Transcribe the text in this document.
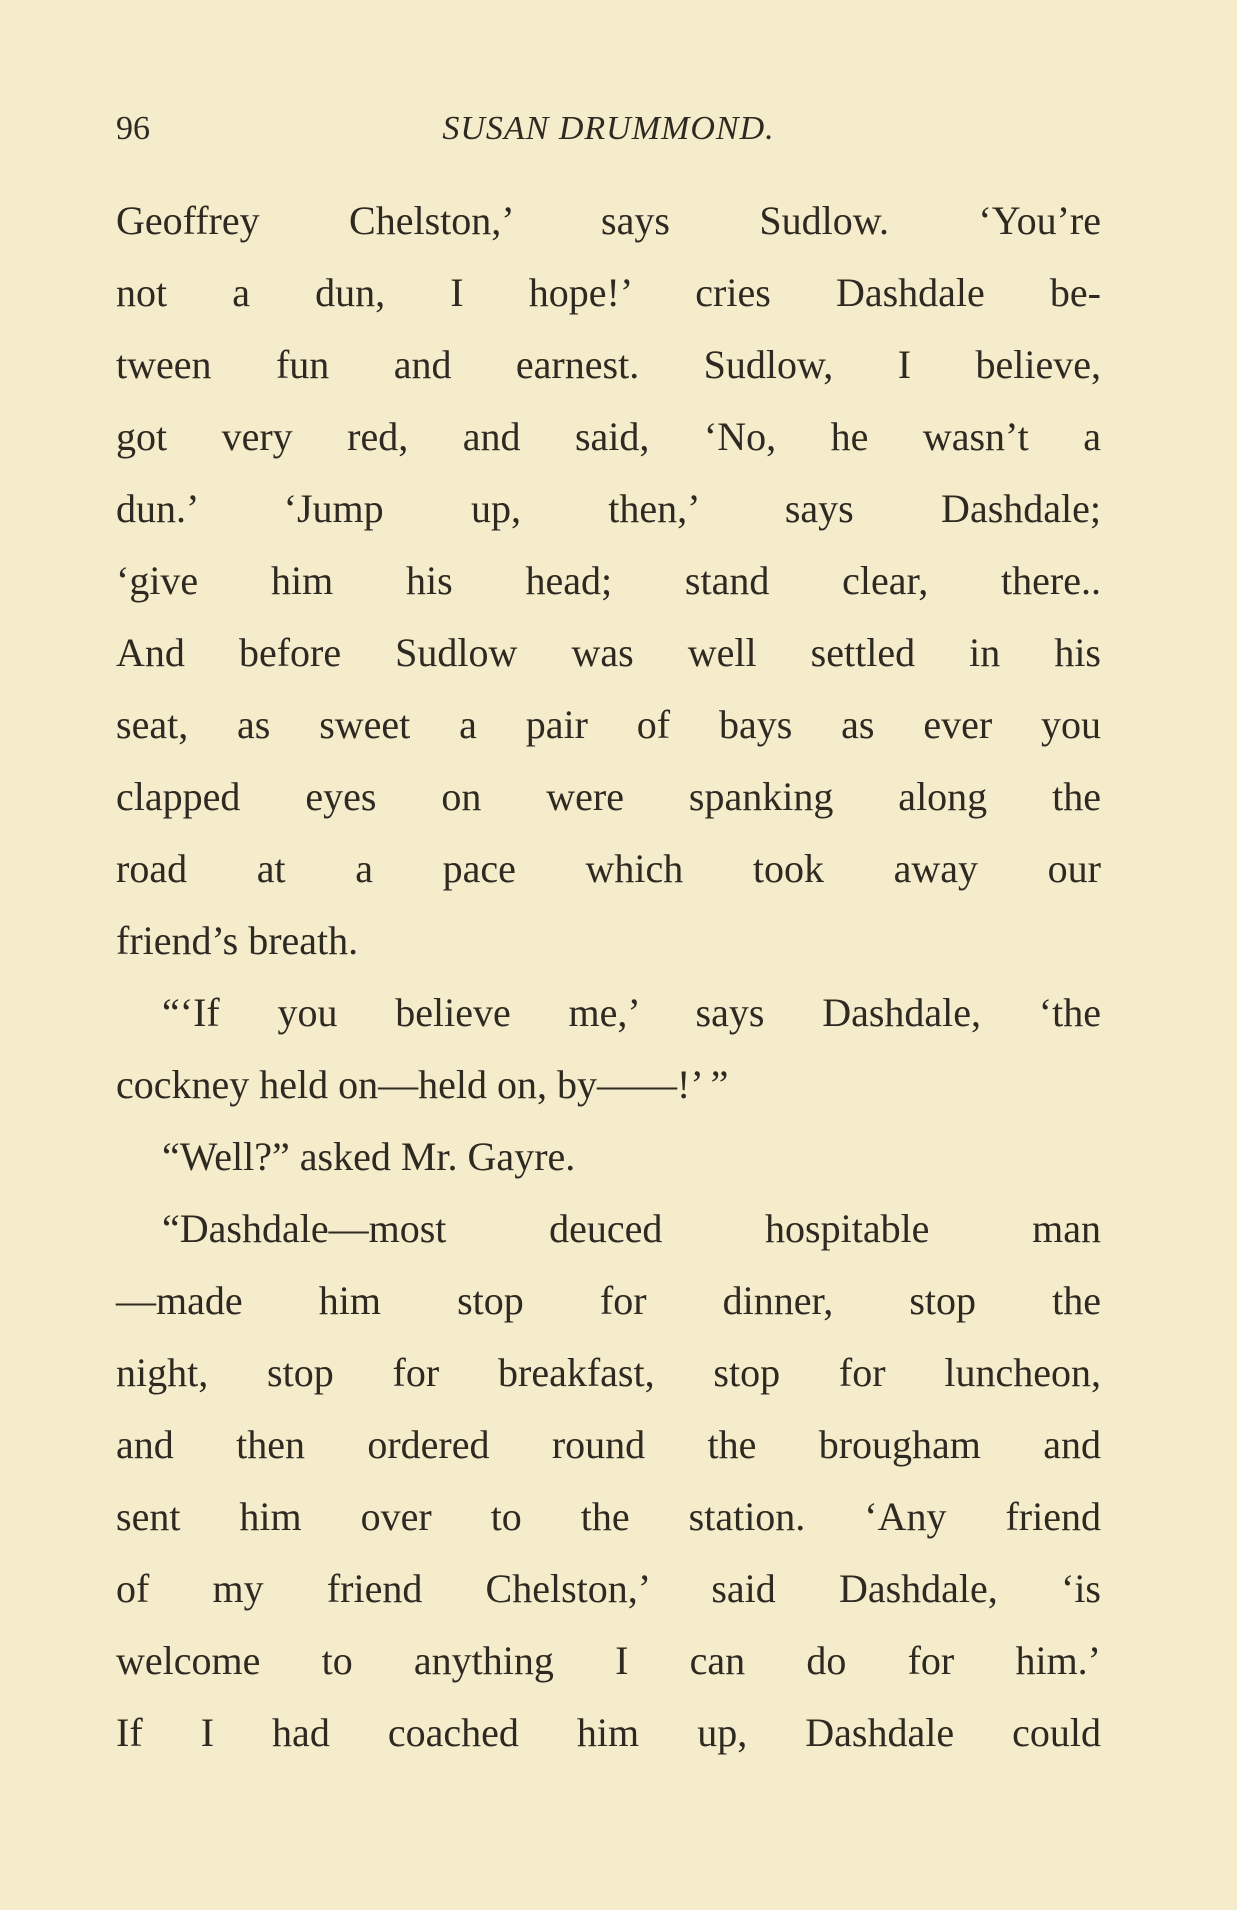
96	SUSAN DRUMMOND.
Geoffrey Chelston,’ says Sudlow. ‘You’re
not a dun, I hope!’ cries Dashdale be-
tween fun and earnest. Sudlow, I believe,
got very red, and said, ‘No, he wasn’t a
dun.’ ‘Jump up, then,’ says Dashdale;
‘give him his head; stand clear, there..
And before Sudlow was well settled in his
seat, as sweet a pair of bays as ever you
clapped eyes on were spanking along the
road at a pace which took away our
friend’s breath.
“‘If you believe me,’ says Dashdale, ‘the
cockney held on—held on, by——!’ ”
“Well?” asked Mr. Gayre.
“Dashdale—most deuced hospitable man
—made him stop for dinner, stop the
night, stop for breakfast, stop for luncheon,
and then ordered round the brougham and
sent him over to the station. ‘Any friend
of my friend Chelston,’ said Dashdale, ‘is
welcome to anything I can do for him.’
If I had coached him up, Dashdale could
